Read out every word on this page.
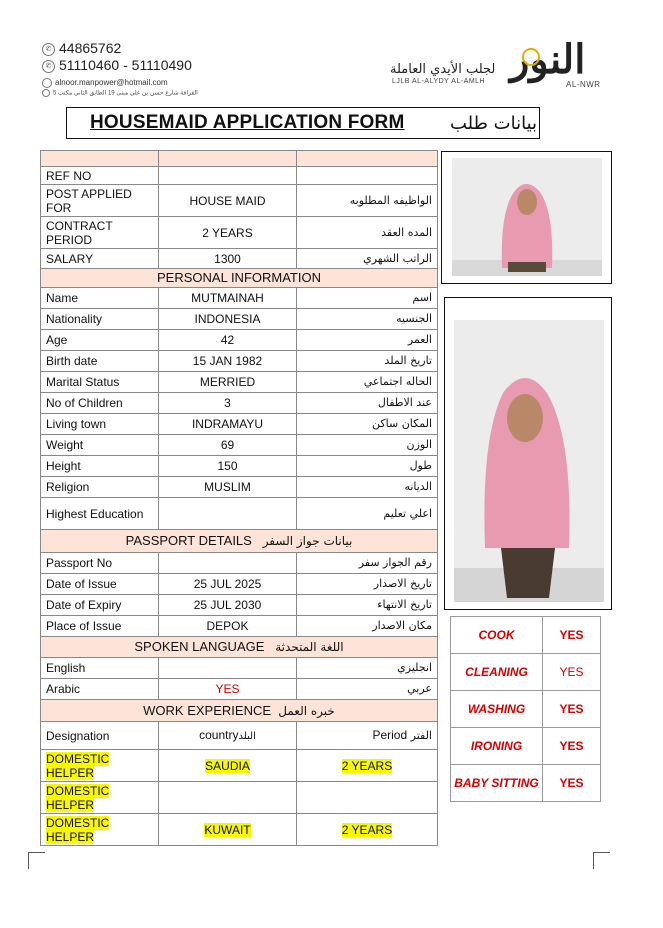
✆ 44865762
✆ 51110460 - 51110490
alnoor.manpower@hotmail.com
القرافة شارع حسن بن علي مبنى 19 الطابق الثاني مكتب 5
لجلب الأيدي العاملة
LJLB AL-ALYDY AL-AMLH النور
AL-NWR
HOUSEMAID APPLICATION FORM	بيانات طلب

REF NO		
POST APPLIED FOR	HOUSE MAID	الواظيفه المطلوبه
CONTRACT PERIOD	2 YEARS	المده العقد
SALARY	1300	الراتب الشهري
PERSONAL INFORMATION		
Name	MUTMAINAH	اسم
Nationality	INDONESIA	الجنسيه
Age	42	العمر
Birth date	15 JAN 1982	تاريخ الملد
Marital Status	MERRIED	الحاله اجتماعي
No of Children	3	عند الاطفال
Living town	INDRAMAYU	المكان ساكن
Weight	69	الوزن
Height	150	طول
Religion	MUSLIM	الديانه
Highest Education		اعلي تعليم
PASSPORT DETAILS بيانات جواز السفر		
Passport No		رقم الجواز سفر
Date of Issue	25 JUL 2025	تاريخ الاصدار
Date of Expiry	25 JUL 2030	تاريخ الانتهاء
Place of Issue	DEPOK	مكان الاصدار
SPOKEN LANGUAGE اللغة المتحدثة		
English		انجليزي
Arabic	YES	عربي
WORK EXPERIENCE خبره العمل		
Designation	countryالبلد	Period الفتر
DOMESTIC HELPER	SAUDIA	2 YEARS
DOMESTIC HELPER		
DOMESTIC HELPER	KUWAIT	2 YEARS
COOK	YES
CLEANING	YES
WASHING	YES
IRONING	YES
BABY SITTING	YES
